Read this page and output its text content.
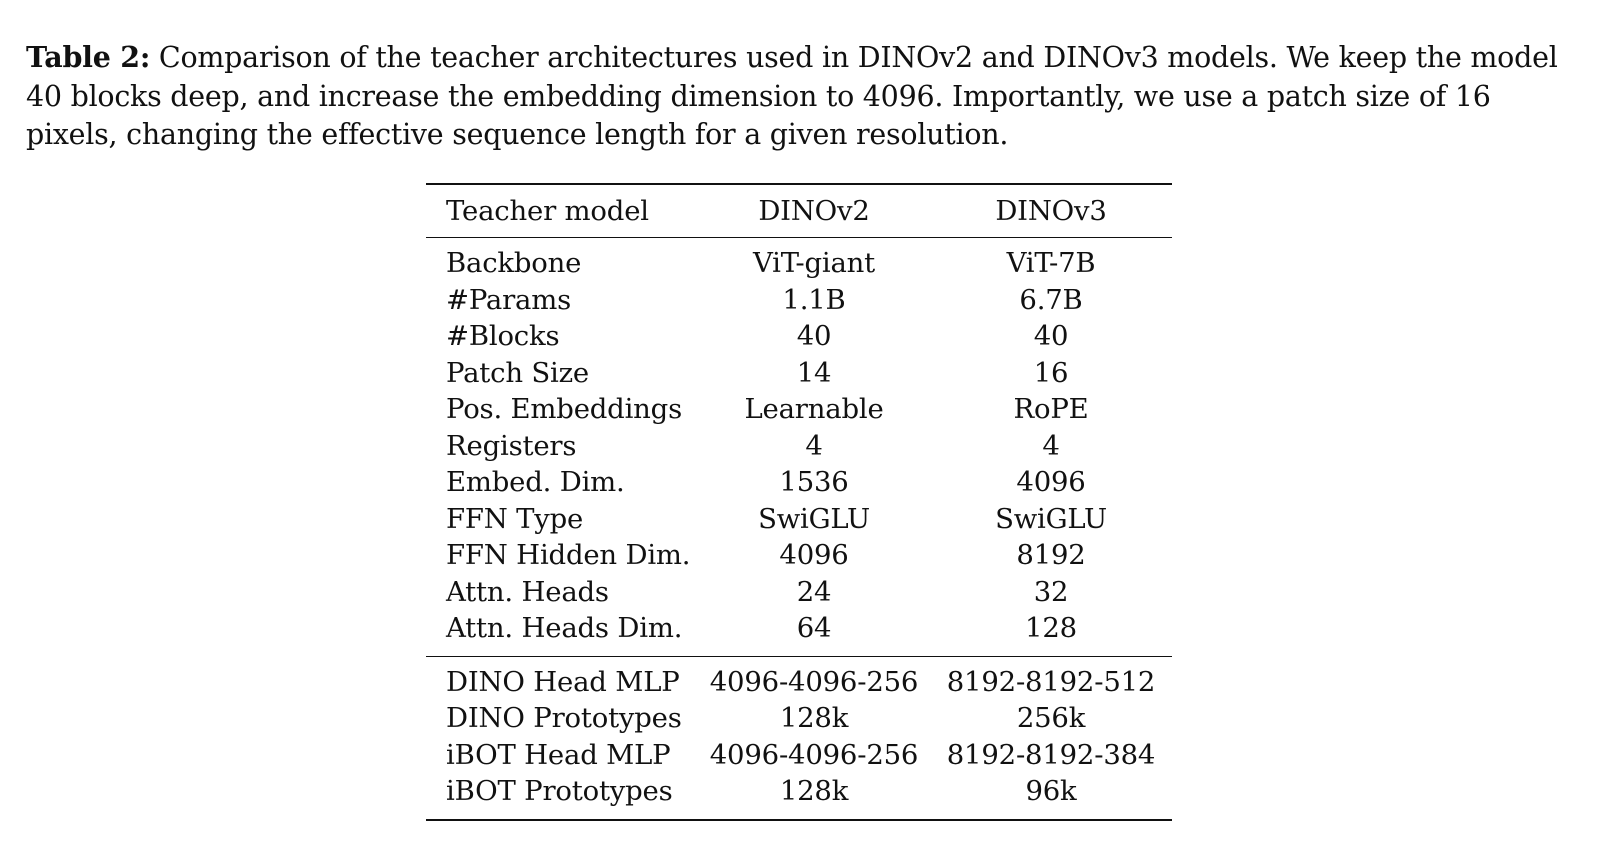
Table 2: Comparison of the teacher architectures used in DINOv2 and DINOv3 models. We keep the model 40 blocks deep, and increase the embedding dimension to 4096. Importantly, we use a patch size of 16 pixels, changing the effective sequence length for a given resolution.
Teacher model	DINOv2	DINOv3
Backbone	ViT-giant	ViT-7B
#Params	1.1B	6.7B
#Blocks	40	40
Patch Size	14	16
Pos. Embeddings	Learnable	RoPE
Registers	4	4
Embed. Dim.	1536	4096
FFN Type	SwiGLU	SwiGLU
FFN Hidden Dim.	4096	8192
Attn. Heads	24	32
Attn. Heads Dim.	64	128
DINO Head MLP	4096-4096-256	8192-8192-512
DINO Prototypes	128k	256k
iBOT Head MLP	4096-4096-256	8192-8192-384
iBOT Prototypes	128k	96k
